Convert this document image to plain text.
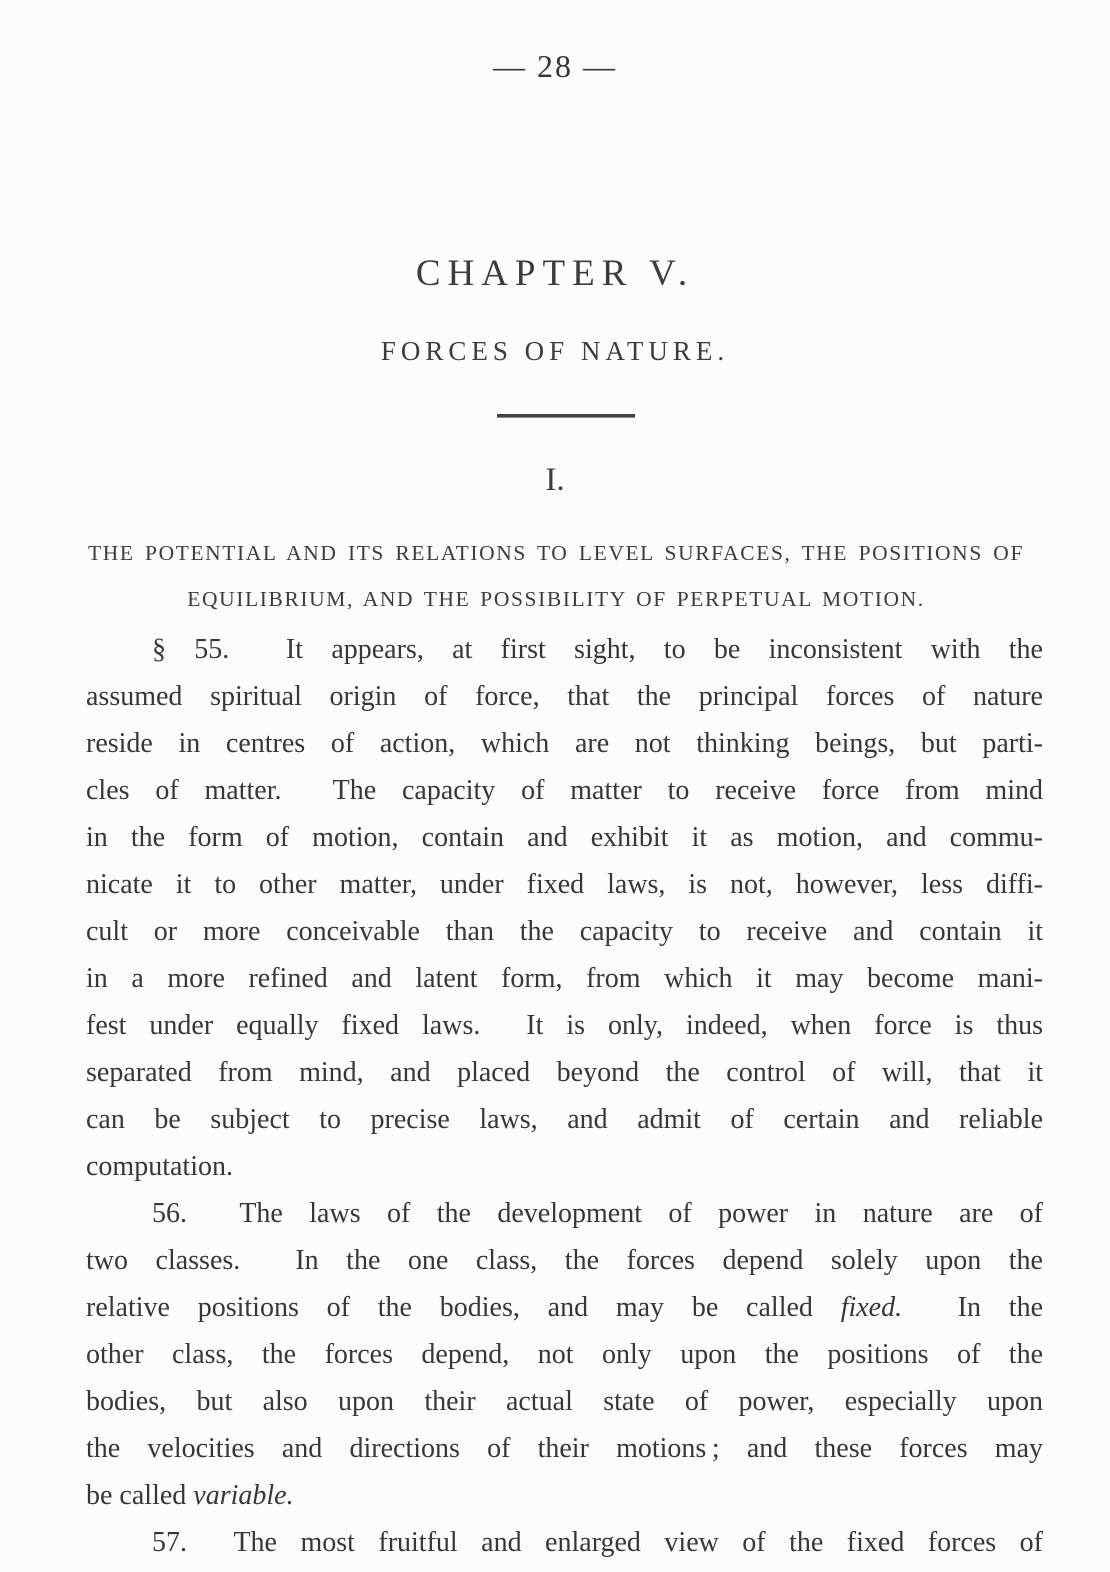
— 28 —
CHAPTER V.
FORCES OF NATURE.
I.
THE POTENTIAL AND ITS RELATIONS TO LEVEL SURFACES, THE POSITIONS OF
EQUILIBRIUM, AND THE POSSIBILITY OF PERPETUAL MOTION.
§ 55.  It appears, at first sight, to be inconsistent with the
assumed spiritual origin of force, that the principal forces of nature
reside in centres of action, which are not thinking beings, but parti-
cles of matter.  The capacity of matter to receive force from mind
in the form of motion, contain and exhibit it as motion, and commu-
nicate it to other matter, under fixed laws, is not, however, less diffi-
cult or more conceivable than the capacity to receive and contain it
in a more refined and latent form, from which it may become mani-
fest under equally fixed laws.  It is only, indeed, when force is thus
separated from mind, and placed beyond the control of will, that it
can be subject to precise laws, and admit of certain and reliable
computation.
56.  The laws of the development of power in nature are of
two classes.  In the one class, the forces depend solely upon the
relative positions of the bodies, and may be called fixed.  In the
other class, the forces depend, not only upon the positions of the
bodies, but also upon their actual state of power, especially upon
the velocities and directions of their motions ; and these forces may
be called variable.
57.  The most fruitful and enlarged view of the fixed forces of
